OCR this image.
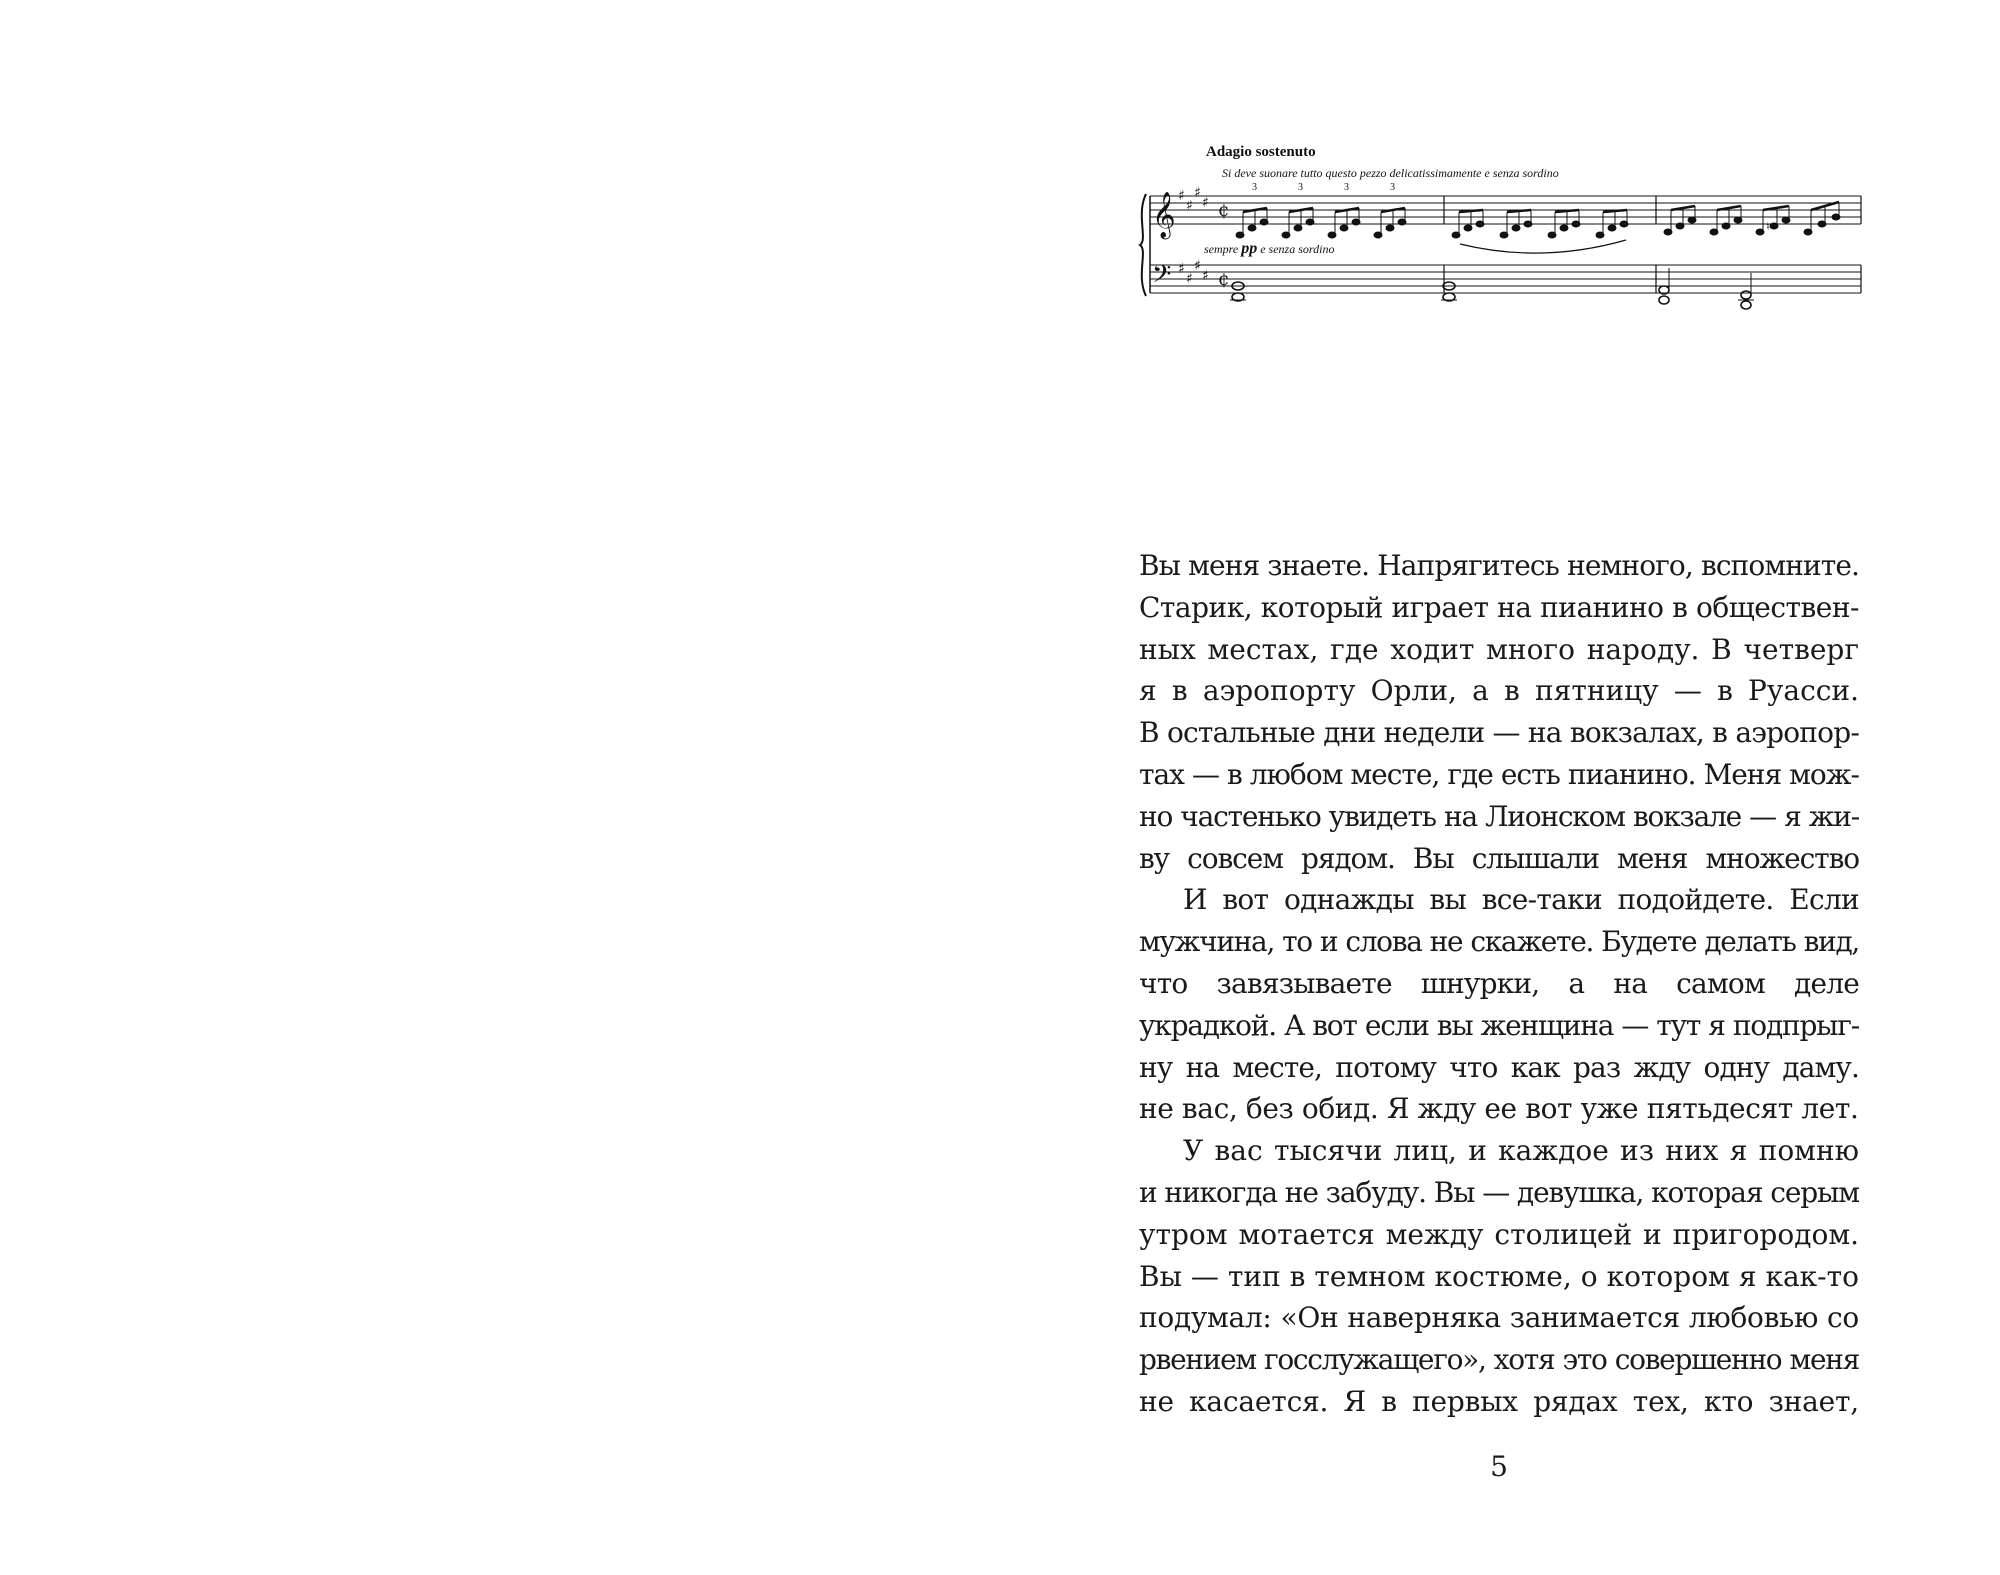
𝄞
𝄢
♯
♯
♯
♯
♯
♯
♯
♯
¢
¢
3	3	3	3
♮
Adagio sostenuto
Si deve suonare tutto questo pezzo delicatissimamente e senza sordino
sempre pp e senza sordino
Вы меня знаете. Напрягитесь немного, вспомните.
Старик, который играет на пианино в обществен-
ных местах, где ходит много народу. В четверг
я в аэропорту Орли, а в пятницу — в Руасси.
В остальные дни недели — на вокзалах, в аэропор-
тах — в любом месте, где есть пианино. Меня мож-
но частенько увидеть на Лионском вокзале — я жи-
ву совсем рядом. Вы слышали меня множество
И вот однажды вы все-таки подойдете. Если
мужчина, то и слова не скажете. Будете делать вид,
что завязываете шнурки, а на самом деле
украдкой. А вот если вы женщина — тут я подпрыг-
ну на месте, потому что как раз жду одну даму.
не вас, без обид. Я жду ее вот уже пятьдесят лет.
У вас тысячи лиц, и каждое из них я помню
и никогда не забуду. Вы — девушка, которая серым
утром мотается между столицей и пригородом.
Вы — тип в темном костюме, о котором я как-то
подумал: «Он наверняка занимается любовью со
рвением госслужащего», хотя это совершенно меня
не касается. Я в первых рядах тех, кто знает,
5
